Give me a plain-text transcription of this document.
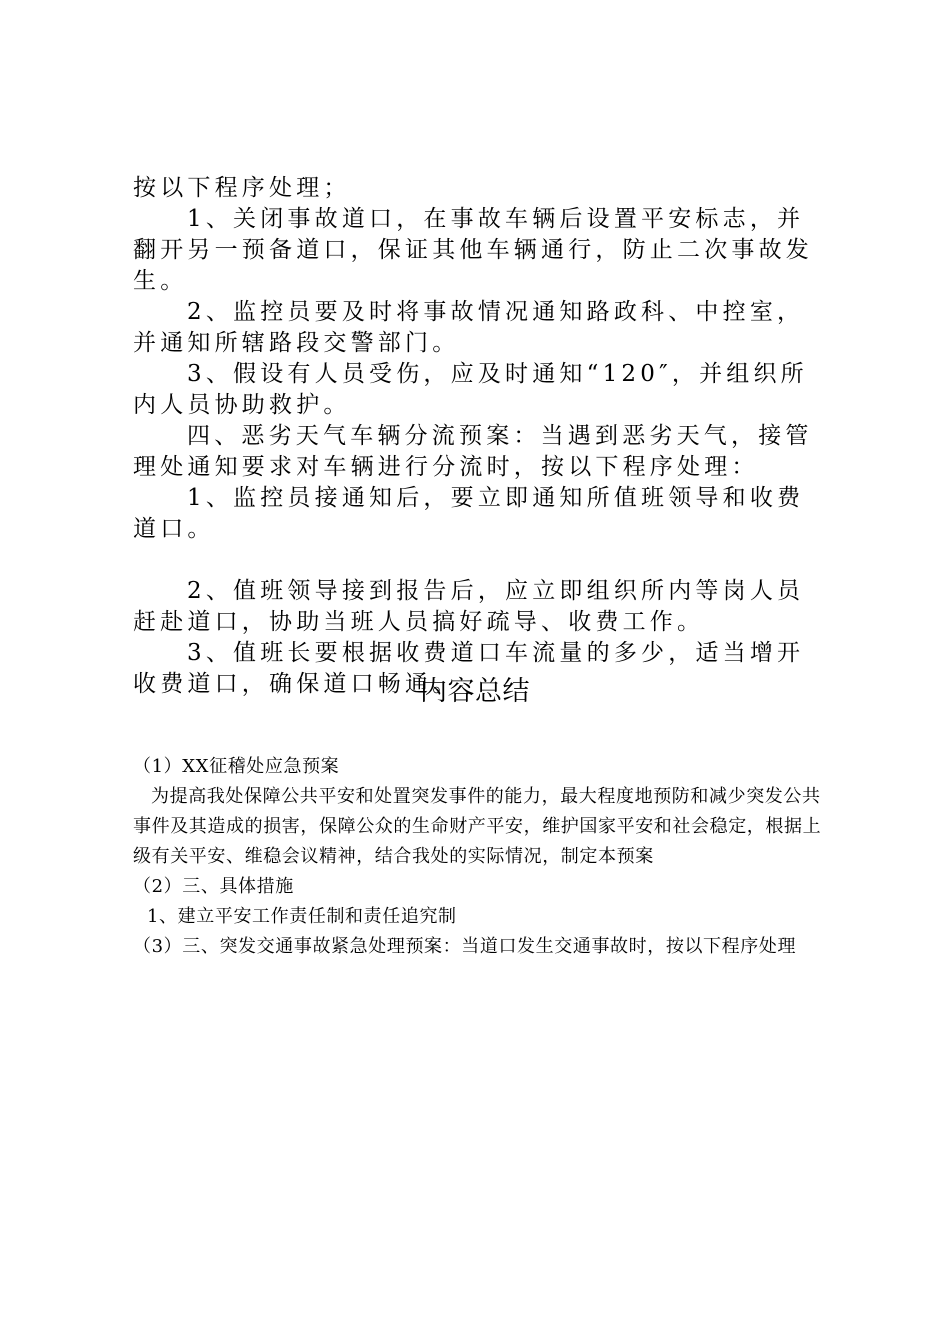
按以下程序处理；

1、关闭事故道口，在事故车辆后设置平安标志，并翻开另一预备道口，保证其他车辆通行，防止二次事故发生。

2、监控员要及时将事故情况通知路政科、中控室，并通知所辖路段交警部门。

3、假设有人员受伤，应及时通知“120″，并组织所内人员协助救护。

四、恶劣天气车辆分流预案：当遇到恶劣天气，接管理处通知要求对车辆进行分流时，按以下程序处理：

1、监控员接通知后，要立即通知所值班领导和收费道口。

2、值班领导接到报告后，应立即组织所内等岗人员赶赴道口，协助当班人员搞好疏导、收费工作。

3、值班长要根据收费道口车流量的多少，适当增开收费道口，确保道口畅通。

内容总结

（1）XX征稽处应急预案

为提高我处保障公共平安和处置突发事件的能力，最大程度地预防和减少突发公共事件及其造成的损害，保障公众的生命财产平安，维护国家平安和社会稳定，根据上级有关平安、维稳会议精神，结合我处的实际情况，制定本预案

（2）三、具体措施

1、建立平安工作责任制和责任追究制

（3）三、突发交通事故紧急处理预案：当道口发生交通事故时，按以下程序处理
